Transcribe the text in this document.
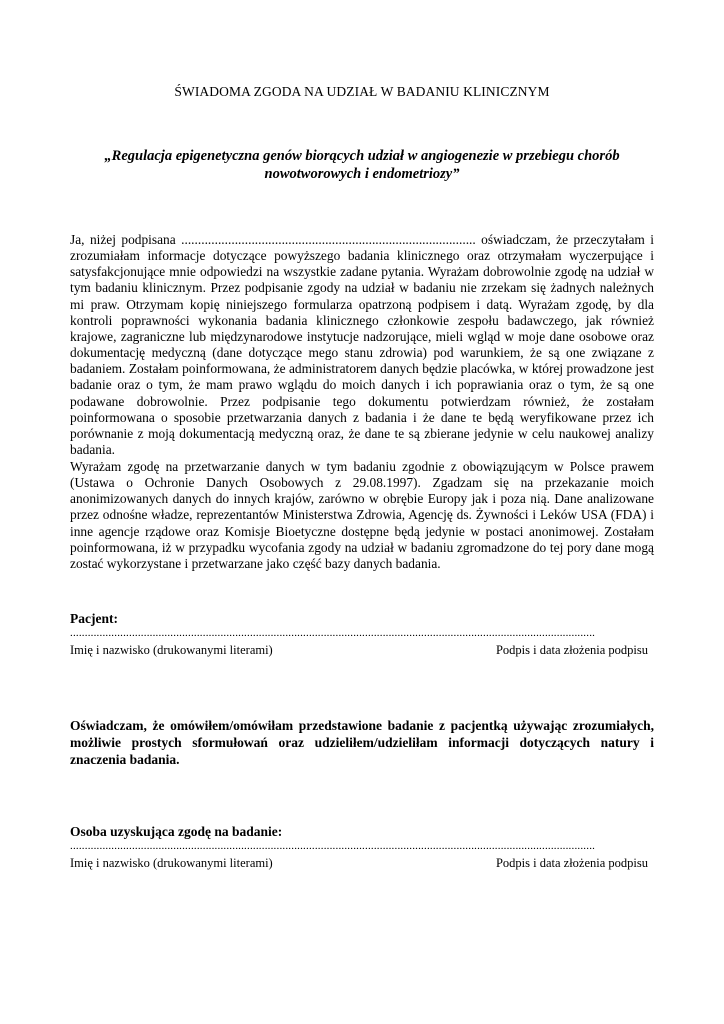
ŚWIADOMA ZGODA NA UDZIAŁ W BADANIU KLINICZNYM
„Regulacja epigenetyczna genów biorących udział w angiogenezie w przebiegu chorób nowotworowych i endometriozy”

Ja, niżej podpisana ........................................................................................ oświadczam, że przeczytałam i zrozumiałam informacje dotyczące powyższego badania klinicznego oraz otrzymałam wyczerpujące i satysfakcjonujące mnie odpowiedzi na wszystkie zadane pytania. Wyrażam dobrowolnie zgodę na udział w tym badaniu klinicznym. Przez podpisanie zgody na udział w badaniu nie zrzekam się żadnych należnych mi praw. Otrzymam kopię niniejszego formularza opatrzoną podpisem i datą. Wyrażam zgodę, by dla kontroli poprawności wykonania badania klinicznego członkowie zespołu badawczego, jak również krajowe, zagraniczne lub międzynarodowe instytucje nadzorujące, mieli wgląd w moje dane osobowe oraz dokumentację medyczną (dane dotyczące mego stanu zdrowia) pod warunkiem, że są one związane z badaniem. Zostałam poinformowana, że administratorem danych będzie placówka, w której prowadzone jest badanie oraz o tym, że mam prawo wglądu do moich danych i ich poprawiania oraz o tym, że są one podawane dobrowolnie. Przez podpisanie tego dokumentu potwierdzam również, że zostałam poinformowana o sposobie przetwarzania danych z badania i że dane te będą weryfikowane przez ich porównanie z moją dokumentacją medyczną oraz, że dane te są zbierane jedynie w celu naukowej analizy badania.

Wyrażam zgodę na przetwarzanie danych w tym badaniu zgodnie z obowiązującym w Polsce prawem (Ustawa o Ochronie Danych Osobowych z 29.08.1997). Zgadzam się na przekazanie moich anonimizowanych danych do innych krajów, zarówno w obrębie Europy jak i poza nią. Dane analizowane przez odnośne władze, reprezentantów Ministerstwa Zdrowia, Agencję ds. Żywności i Leków USA (FDA) i inne agencje rządowe oraz Komisje Bioetyczne dostępne będą jedynie w postaci anonimowej. Zostałam poinformowana, iż w przypadku wycofania zgody na udział w badaniu zgromadzone do tej pory dane mogą zostać wykorzystane i przetwarzane jako część bazy danych badania.

Pacjent:
..................................................................................................................................................................................
Imię i nazwisko (drukowanymi literami)	Podpis i data złożenia podpisu

Oświadczam, że omówiłem/omówiłam przedstawione badanie z pacjentką używając zrozumiałych, możliwie prostych sformułowań oraz udzieliłem/udzieliłam informacji dotyczących natury i znaczenia badania.

Osoba uzyskująca zgodę na badanie:
..................................................................................................................................................................................
Imię i nazwisko (drukowanymi literami)	Podpis i data złożenia podpisu
